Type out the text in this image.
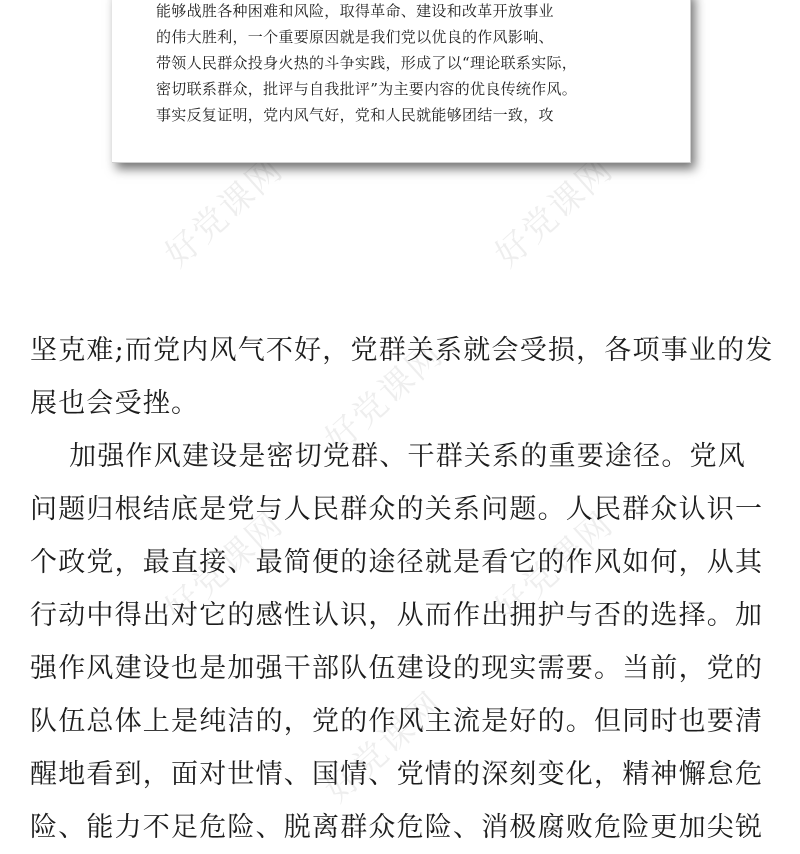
好党课网	好党课网
好党课网
好党课网	好党课网
好党课网
能够战胜各种困难和风险，取得革命、建设和改革开放事业
的伟大胜利，一个重要原因就是我们党以优良的作风影响、
带领人民群众投身火热的斗争实践，形成了以“理论联系实际，
密切联系群众，批评与自我批评”为主要内容的优良传统作风。
事实反复证明，党内风气好，党和人民就能够团结一致，攻
坚克难;而党内风气不好，党群关系就会受损，各项事业的发
展也会受挫。
加强作风建设是密切党群、干群关系的重要途径。党风
问题归根结底是党与人民群众的关系问题。人民群众认识一
个政党，最直接、最简便的途径就是看它的作风如何，从其
行动中得出对它的感性认识，从而作出拥护与否的选择。加
强作风建设也是加强干部队伍建设的现实需要。当前，党的
队伍总体上是纯洁的，党的作风主流是好的。但同时也要清
醒地看到，面对世情、国情、党情的深刻变化，精神懈怠危
险、能力不足危险、脱离群众危险、消极腐败危险更加尖锐
